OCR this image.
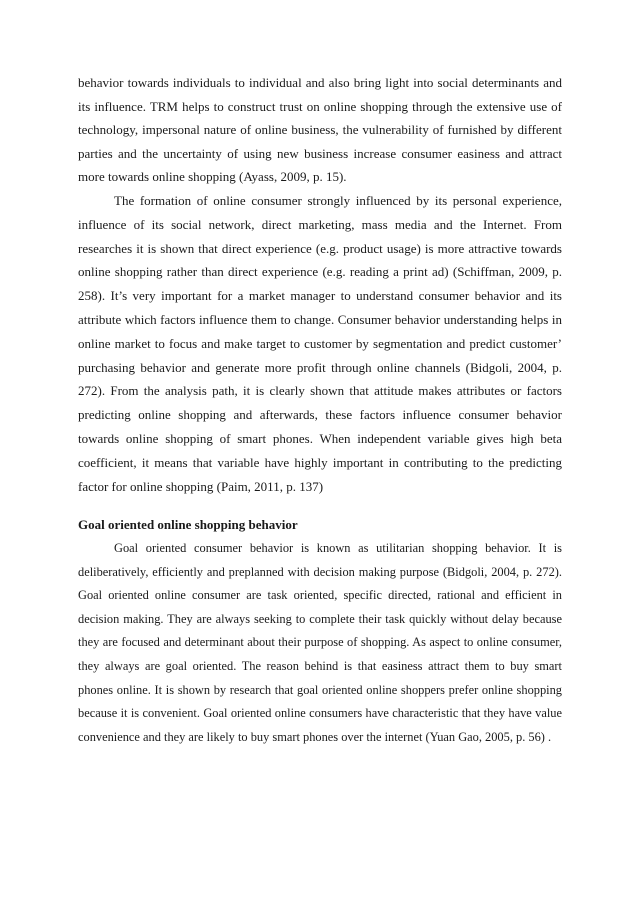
behavior towards individuals to individual and also bring light into social determinants and its influence. TRM helps to construct trust on online shopping through the extensive use of technology, impersonal nature of online business, the vulnerability of furnished by different parties and the uncertainty of using new business increase consumer easiness and attract more towards online shopping (Ayass, 2009, p. 15).

The formation of online consumer strongly influenced by its personal experience, influence of its social network, direct marketing, mass media and the Internet. From researches it is shown that direct experience (e.g. product usage) is more attractive towards online shopping rather than direct experience (e.g. reading a print ad) (Schiffman, 2009, p. 258). It’s very important for a market manager to understand consumer behavior and its attribute which factors influence them to change. Consumer behavior understanding helps in online market to focus and make target to customer by segmentation and predict customer’ purchasing behavior and generate more profit through online channels (Bidgoli, 2004, p. 272). From the analysis path, it is clearly shown that attitude makes attributes or factors predicting online shopping and afterwards, these factors influence consumer behavior towards online shopping of smart phones. When independent variable gives high beta coefficient, it means that variable have highly important in contributing to the predicting factor for online shopping (Paim, 2011, p. 137)

Goal oriented online shopping behavior

Goal oriented consumer behavior is known as utilitarian shopping behavior. It is deliberatively, efficiently and preplanned with decision making purpose (Bidgoli, 2004, p. 272). Goal oriented online consumer are task oriented, specific directed, rational and efficient in decision making. They are always seeking to complete their task quickly without delay because they are focused and determinant about their purpose of shopping. As aspect to online consumer, they always are goal oriented. The reason behind is that easiness attract them to buy smart phones online. It is shown by research that goal oriented online shoppers prefer online shopping because it is convenient. Goal oriented online consumers have characteristic that they have value convenience and they are likely to buy smart phones over the internet (Yuan Gao, 2005, p. 56) .
